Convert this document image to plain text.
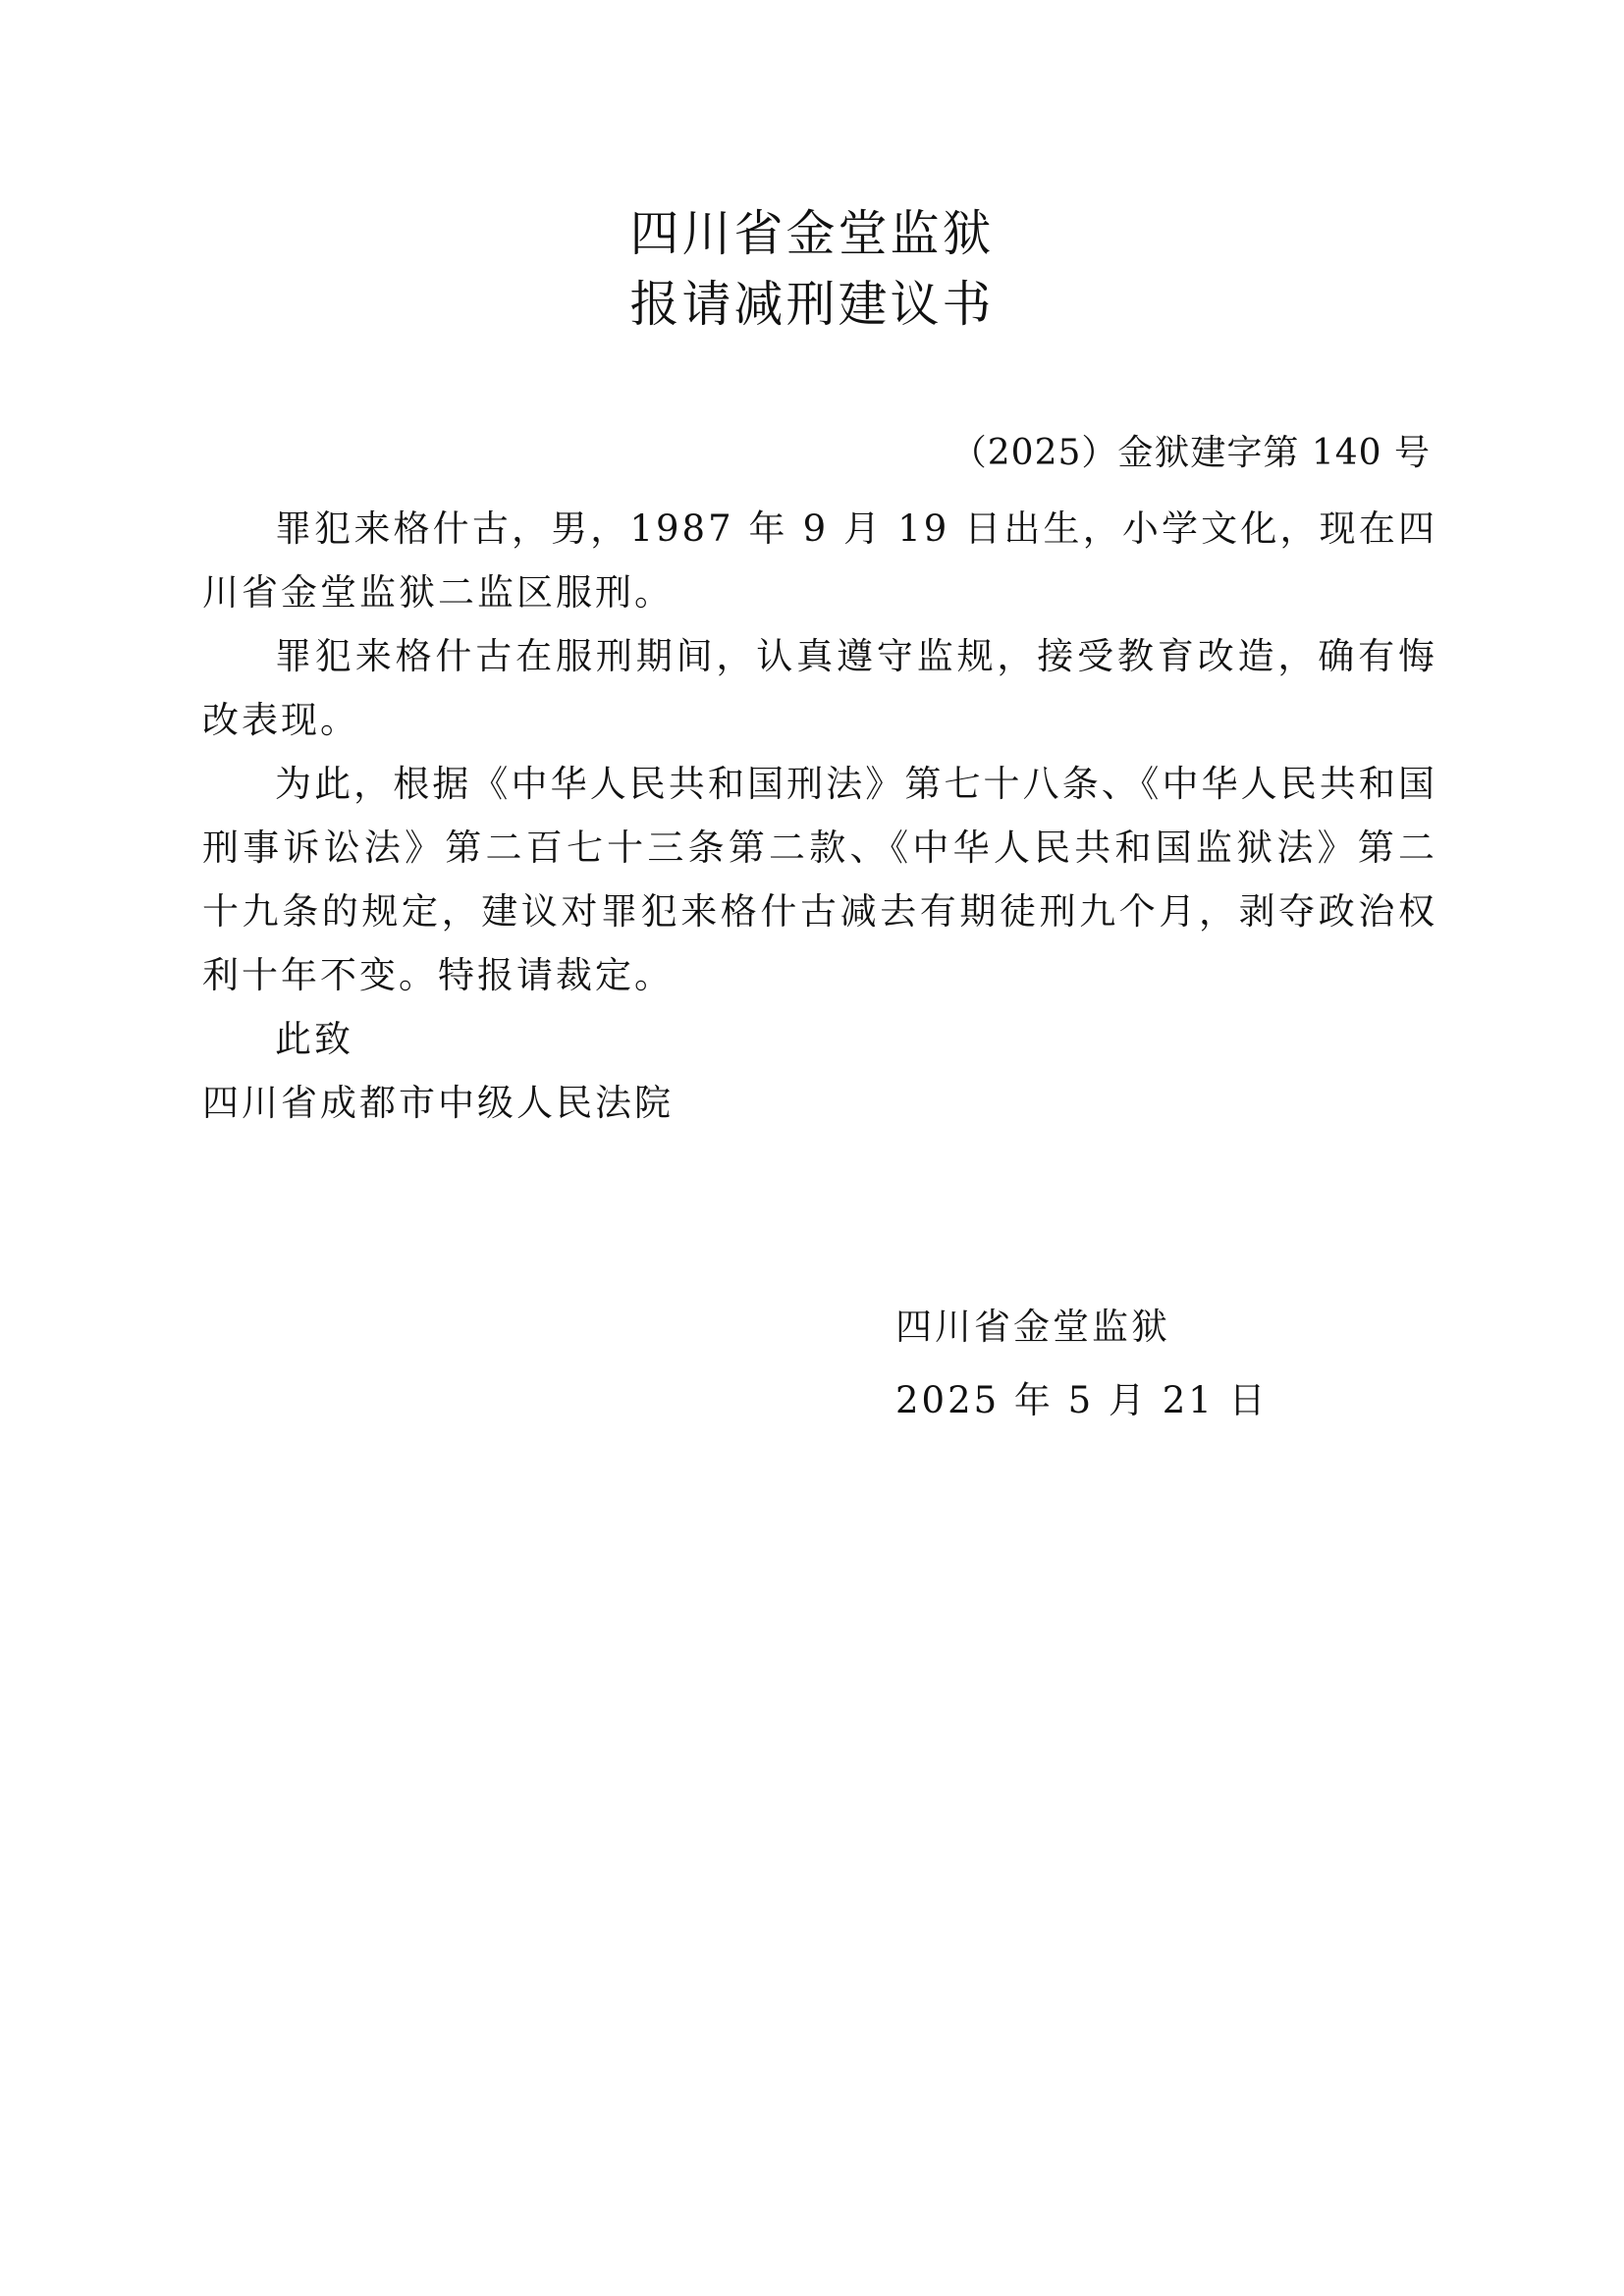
四川省金堂监狱
报请减刑建议书
（2025）金狱建字第 140 号

罪犯来格什古，男，1987 年 9 月 19 日出生，小学文化，现在四川省金堂监狱二监区服刑。

罪犯来格什古在服刑期间，认真遵守监规，接受教育改造，确有悔改表现。

为此，根据《中华人民共和国刑法》第七十八条、《中华人民共和国刑事诉讼法》第二百七十三条第二款、《中华人民共和国监狱法》第二十九条的规定，建议对罪犯来格什古减去有期徒刑九个月，剥夺政治权利十年不变。特报请裁定。

此致

四川省成都市中级人民法院

四川省金堂监狱
2025 年 5 月 21 日
